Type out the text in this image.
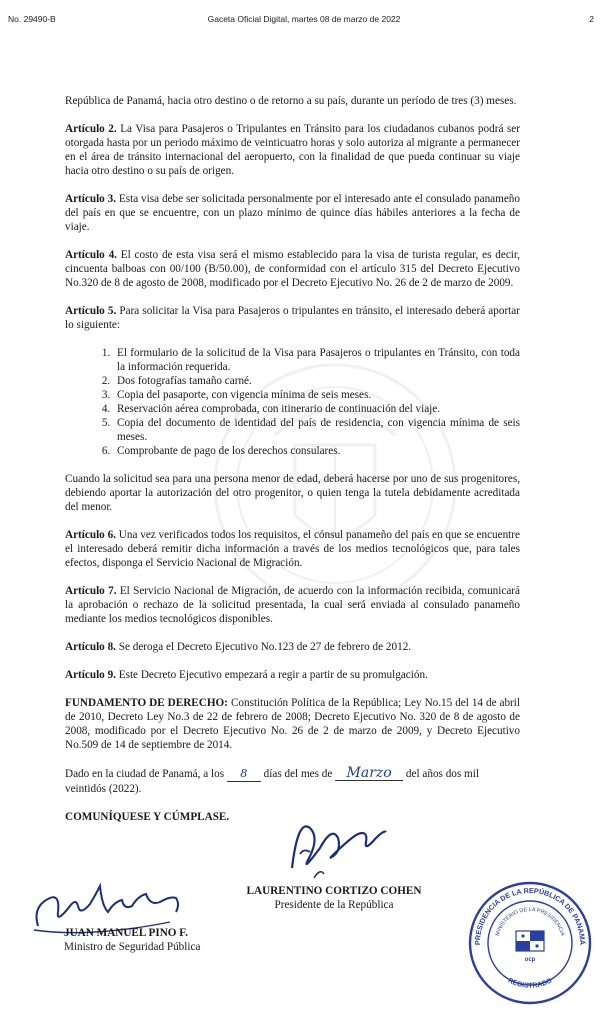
No. 29490-B	Gaceta Oficial Digital, martes 08 de marzo de 2022	2

República de Panamá, hacia otro destino o de retorno a su país, durante un período de tres (3) meses.

Artículo 2. La Visa para Pasajeros o Tripulantes en Tránsito para los ciudadanos cubanos podrá ser otorgada hasta por un periodo máximo de veinticuatro horas y solo autoriza al migrante a permanecer en el área de tránsito internacional del aeropuerto, con la finalidad de que pueda continuar su viaje hacia otro destino o su país de origen.

Artículo 3. Esta visa debe ser solicitada personalmente por el interesado ante el consulado panameño del país en que se encuentre, con un plazo mínimo de quince días hábiles anteriores a la fecha de viaje.

Artículo 4. El costo de esta visa será el mismo establecido para la visa de turista regular, es decir, cincuenta balboas con 00/100 (B/50.00), de conformidad con el artículo 315 del Decreto Ejecutivo No.320 de 8 de agosto de 2008, modificado por el Decreto Ejecutivo No. 26 de 2 de marzo de 2009.

Artículo 5. Para solicitar la Visa para Pasajeros o tripulantes en tránsito, el interesado deberá aportar lo siguiente:

1. El formulario de la solicitud de la Visa para Pasajeros o tripulantes en Tránsito, con toda la información requerida.
2. Dos fotografías tamaño carné.
3. Copia del pasaporte, con vigencia mínima de seis meses.
4. Reservación aérea comprobada, con itinerario de continuación del viaje.
5. Copia del documento de identidad del país de residencia, con vigencia mínima de seis meses.
6. Comprobante de pago de los derechos consulares.

Cuando la solicitud sea para una persona menor de edad, deberá hacerse por uno de sus progenitores, debiendo aportar la autorización del otro progenitor, o quien tenga la tutela debidamente acreditada del menor.

Artículo 6. Una vez verificados todos los requisitos, el cónsul panameño del país en que se encuentre el interesado deberá remitir dicha información a través de los medios tecnológicos que, para tales efectos, disponga el Servicio Nacional de Migración.

Artículo 7. El Servicio Nacional de Migración, de acuerdo con la información recibida, comunicará la aprobación o rechazo de la solicitud presentada, la cual será enviada al consulado panameño mediante los medios tecnológicos disponibles.

Artículo 8. Se deroga el Decreto Ejecutivo No.123 de 27 de febrero de 2012.

Artículo 9. Este Decreto Ejecutivo empezará a regir a partir de su promulgación.

FUNDAMENTO DE DERECHO: Constitución Política de la República; Ley No.15 del 14 de abril de 2010, Decreto Ley No.3 de 22 de febrero de 2008; Decreto Ejecutivo No. 320 de 8 de agosto de 2008, modificado por el Decreto Ejecutivo No. 26 de 2 de marzo de 2009, y Decreto Ejecutivo No.509 de 14 de septiembre de 2014.

Dado en la ciudad de Panamá, a los 8 días del mes de Marzo del años dos mil veintidós (2022).

COMUNÍQUESE Y CÚMPLASE.
LAURENTINO CORTIZO COHEN
Presidente de la República
JUAN MANUEL PINO F.
Ministro de Seguridad Pública	PRESIDENCIA DE LA REPÚBLICA DE PANAMÁ
MINISTERIO DE LA PRESIDENCIA
REGISTRADO
ocp
